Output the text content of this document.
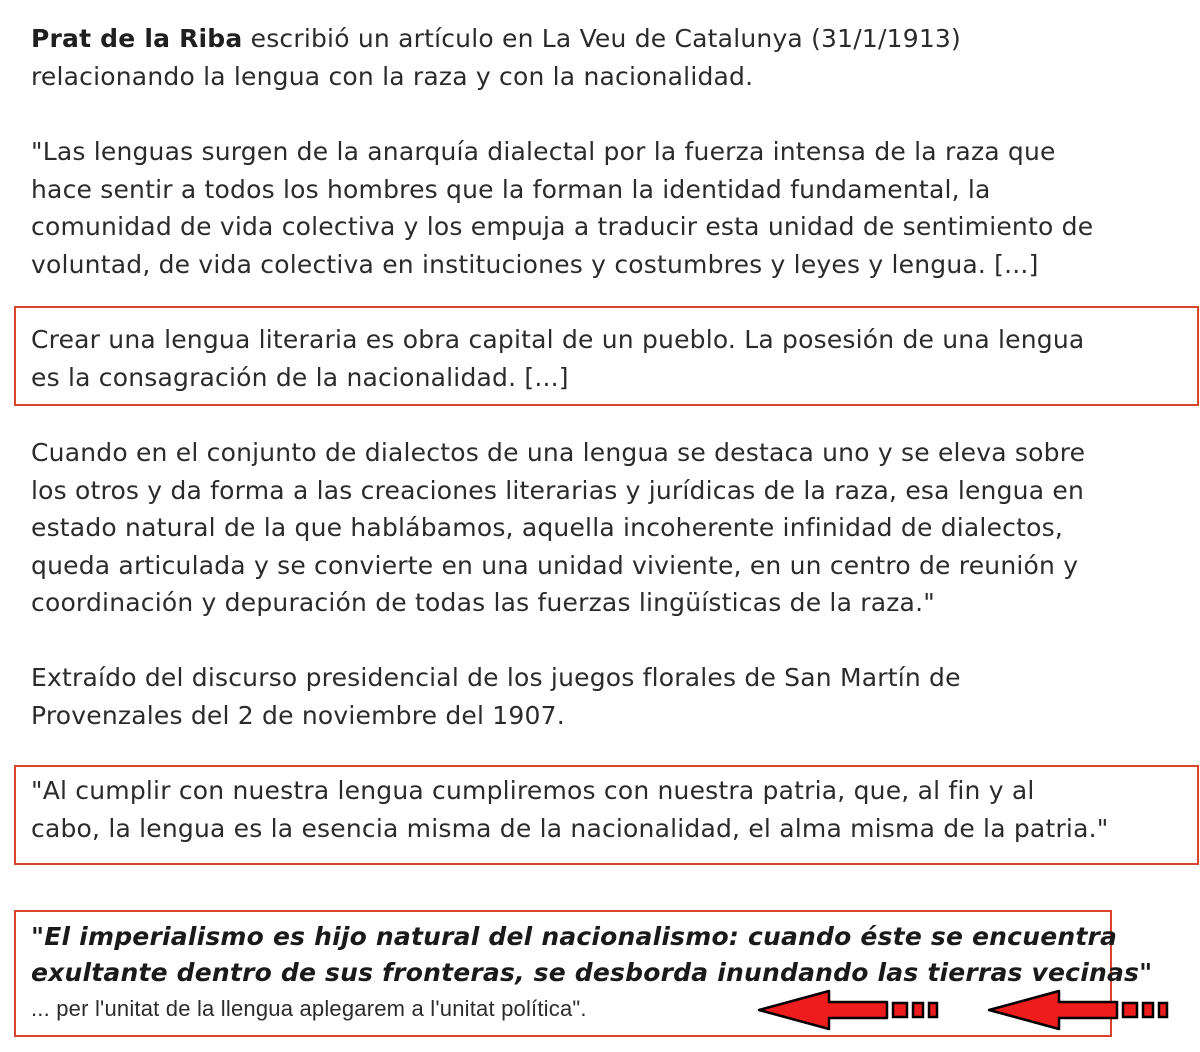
Prat de la Riba escribió un artículo en La Veu de Catalunya (31/1/1913)
relacionando la lengua con la raza y con la nacionalidad.

"Las lenguas surgen de la anarquía dialectal por la fuerza intensa de la raza que
hace sentir a todos los hombres que la forman la identidad fundamental, la
comunidad de vida colectiva y los empuja a traducir esta unidad de sentimiento de
voluntad, de vida colectiva en instituciones y costumbres y leyes y lengua. [...]

Crear una lengua literaria es obra capital de un pueblo. La posesión de una lengua
es la consagración de la nacionalidad. [...]

Cuando en el conjunto de dialectos de una lengua se destaca uno y se eleva sobre
los otros y da forma a las creaciones literarias y jurídicas de la raza, esa lengua en
estado natural de la que hablábamos, aquella incoherente infinidad de dialectos,
queda articulada y se convierte en una unidad viviente, en un centro de reunión y
coordinación y depuración de todas las fuerzas lingüísticas de la raza."

Extraído del discurso presidencial de los juegos florales de San Martín de
Provenzales del 2 de noviembre del 1907.

"Al cumplir con nuestra lengua cumpliremos con nuestra patria, que, al fin y al
cabo, la lengua es la esencia misma de la nacionalidad, el alma misma de la patria."

"El imperialismo es hijo natural del nacionalismo: cuando éste se encuentra
exultante dentro de sus fronteras, se desborda inundando las tierras vecinas"
... per l'unitat de la llengua aplegarem a l'unitat política".
